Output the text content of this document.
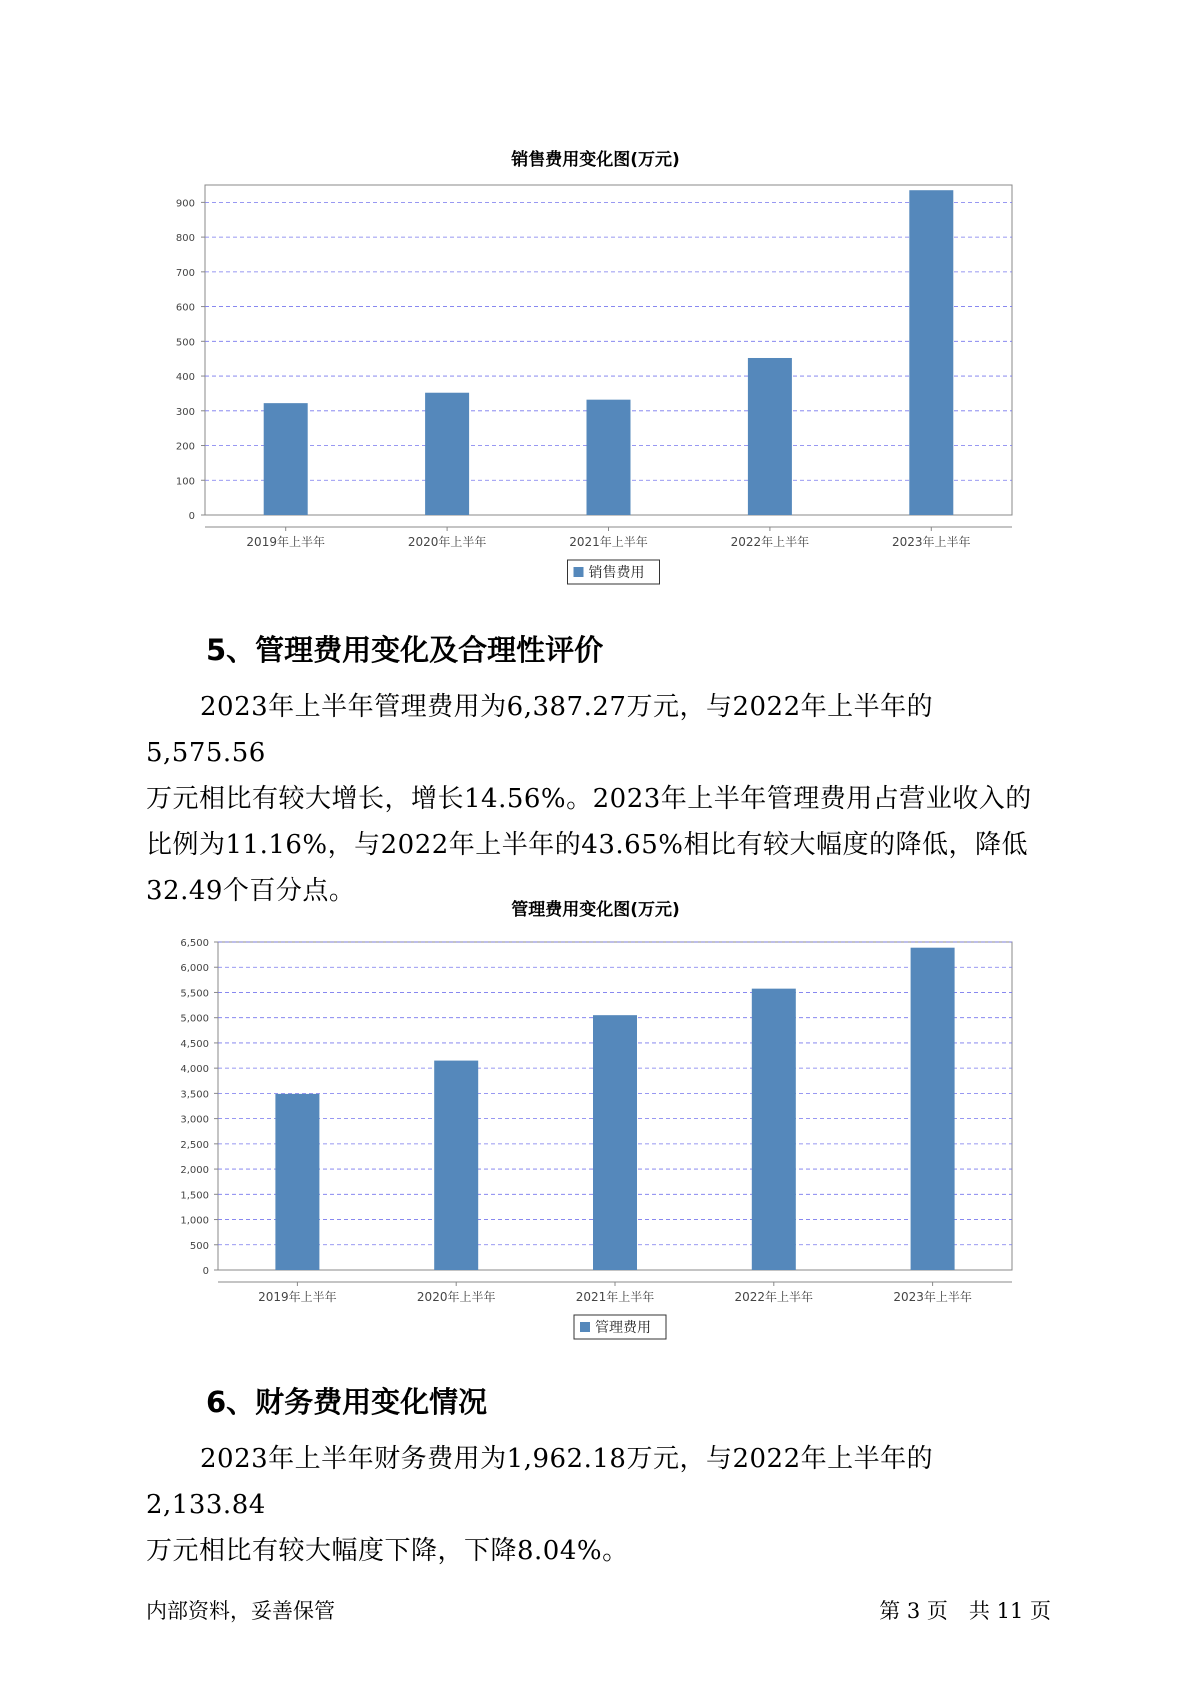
销售费用变化图(万元)
0
100
200
300
400
500
600
700
800
900
2019年上半年	2020年上半年	2021年上半年	2022年上半年	2023年上半年
销售费用
5、管理费用变化及合理性评价

2023年上半年管理费用为6,387.27万元，与2022年上半年的5,575.56

万元相比有较大增长，增长14.56%。2023年上半年管理费用占营业收入的

比例为11.16%，与2022年上半年的43.65%相比有较大幅度的降低，降低

32.49个百分点。

管理费用变化图(万元)
0
500
1,000
1,500
2,000
2,500
3,000
3,500
4,000
4,500
5,000
5,500
6,000
6,500
2019年上半年	2020年上半年	2021年上半年	2022年上半年	2023年上半年
管理费用
6、财务费用变化情况

2023年上半年财务费用为1,962.18万元，与2022年上半年的2,133.84

万元相比有较大幅度下降，下降8.04%。

内部资料，妥善保管	第 3 页　共 11 页
